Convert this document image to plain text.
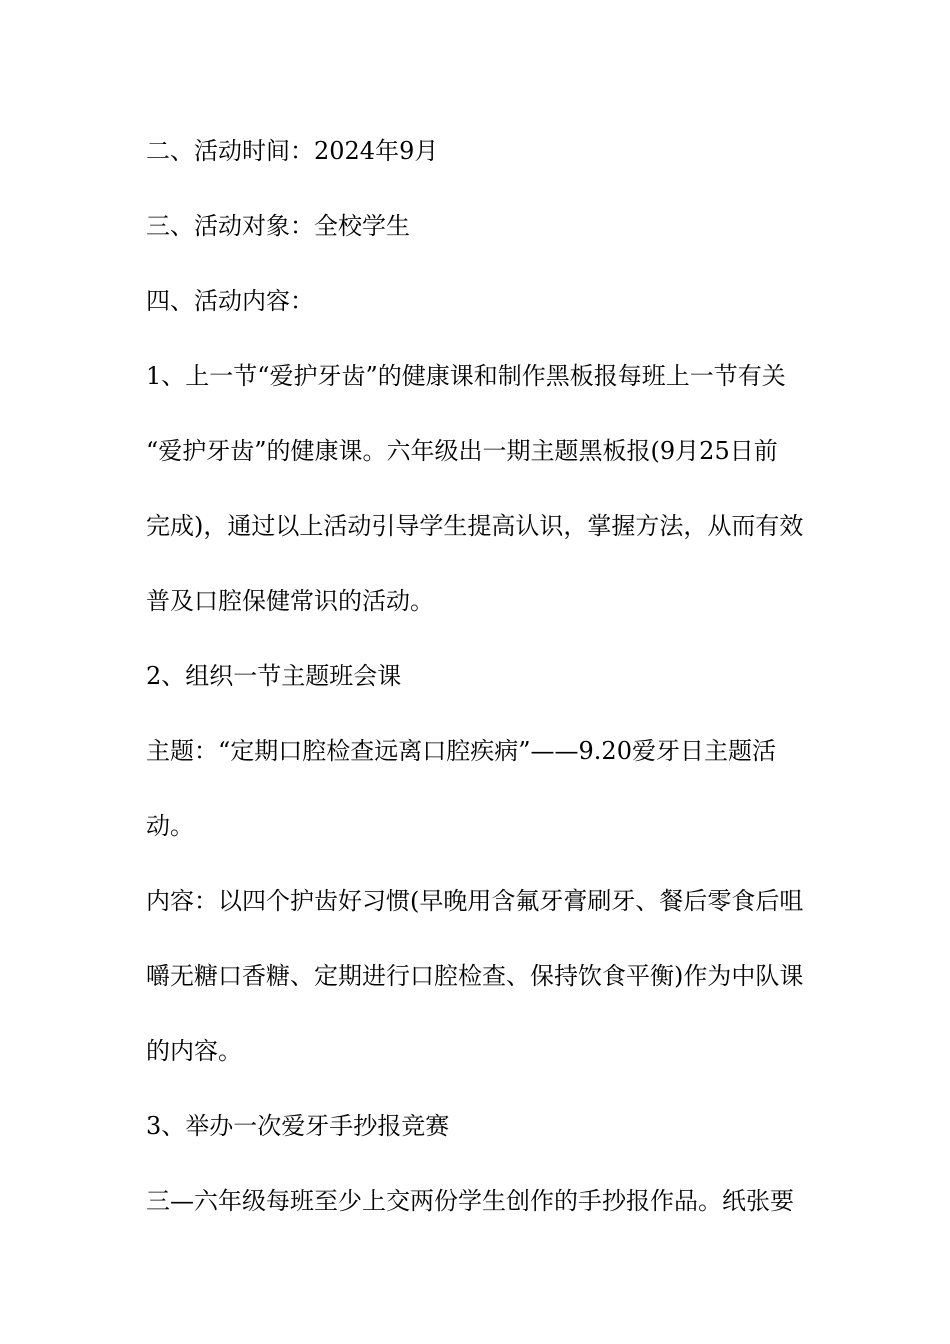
二、活动时间：2024年9月
三、活动对象：全校学生
四、活动内容：
1、上一节“爱护牙齿”的健康课和制作黑板报每班上一节有关
“爱护牙齿”的健康课。六年级出一期主题黑板报(9月25日前
完成)，通过以上活动引导学生提高认识，掌握方法，从而有效
普及口腔保健常识的活动。
2、组织一节主题班会课
主题：“定期口腔检查远离口腔疾病”——9.20爱牙日主题活
动。
内容：以四个护齿好习惯(早晚用含氟牙膏刷牙、餐后零食后咀
嚼无糖口香糖、定期进行口腔检查、保持饮食平衡)作为中队课
的内容。
3、举办一次爱牙手抄报竞赛
三—六年级每班至少上交两份学生创作的手抄报作品。纸张要
